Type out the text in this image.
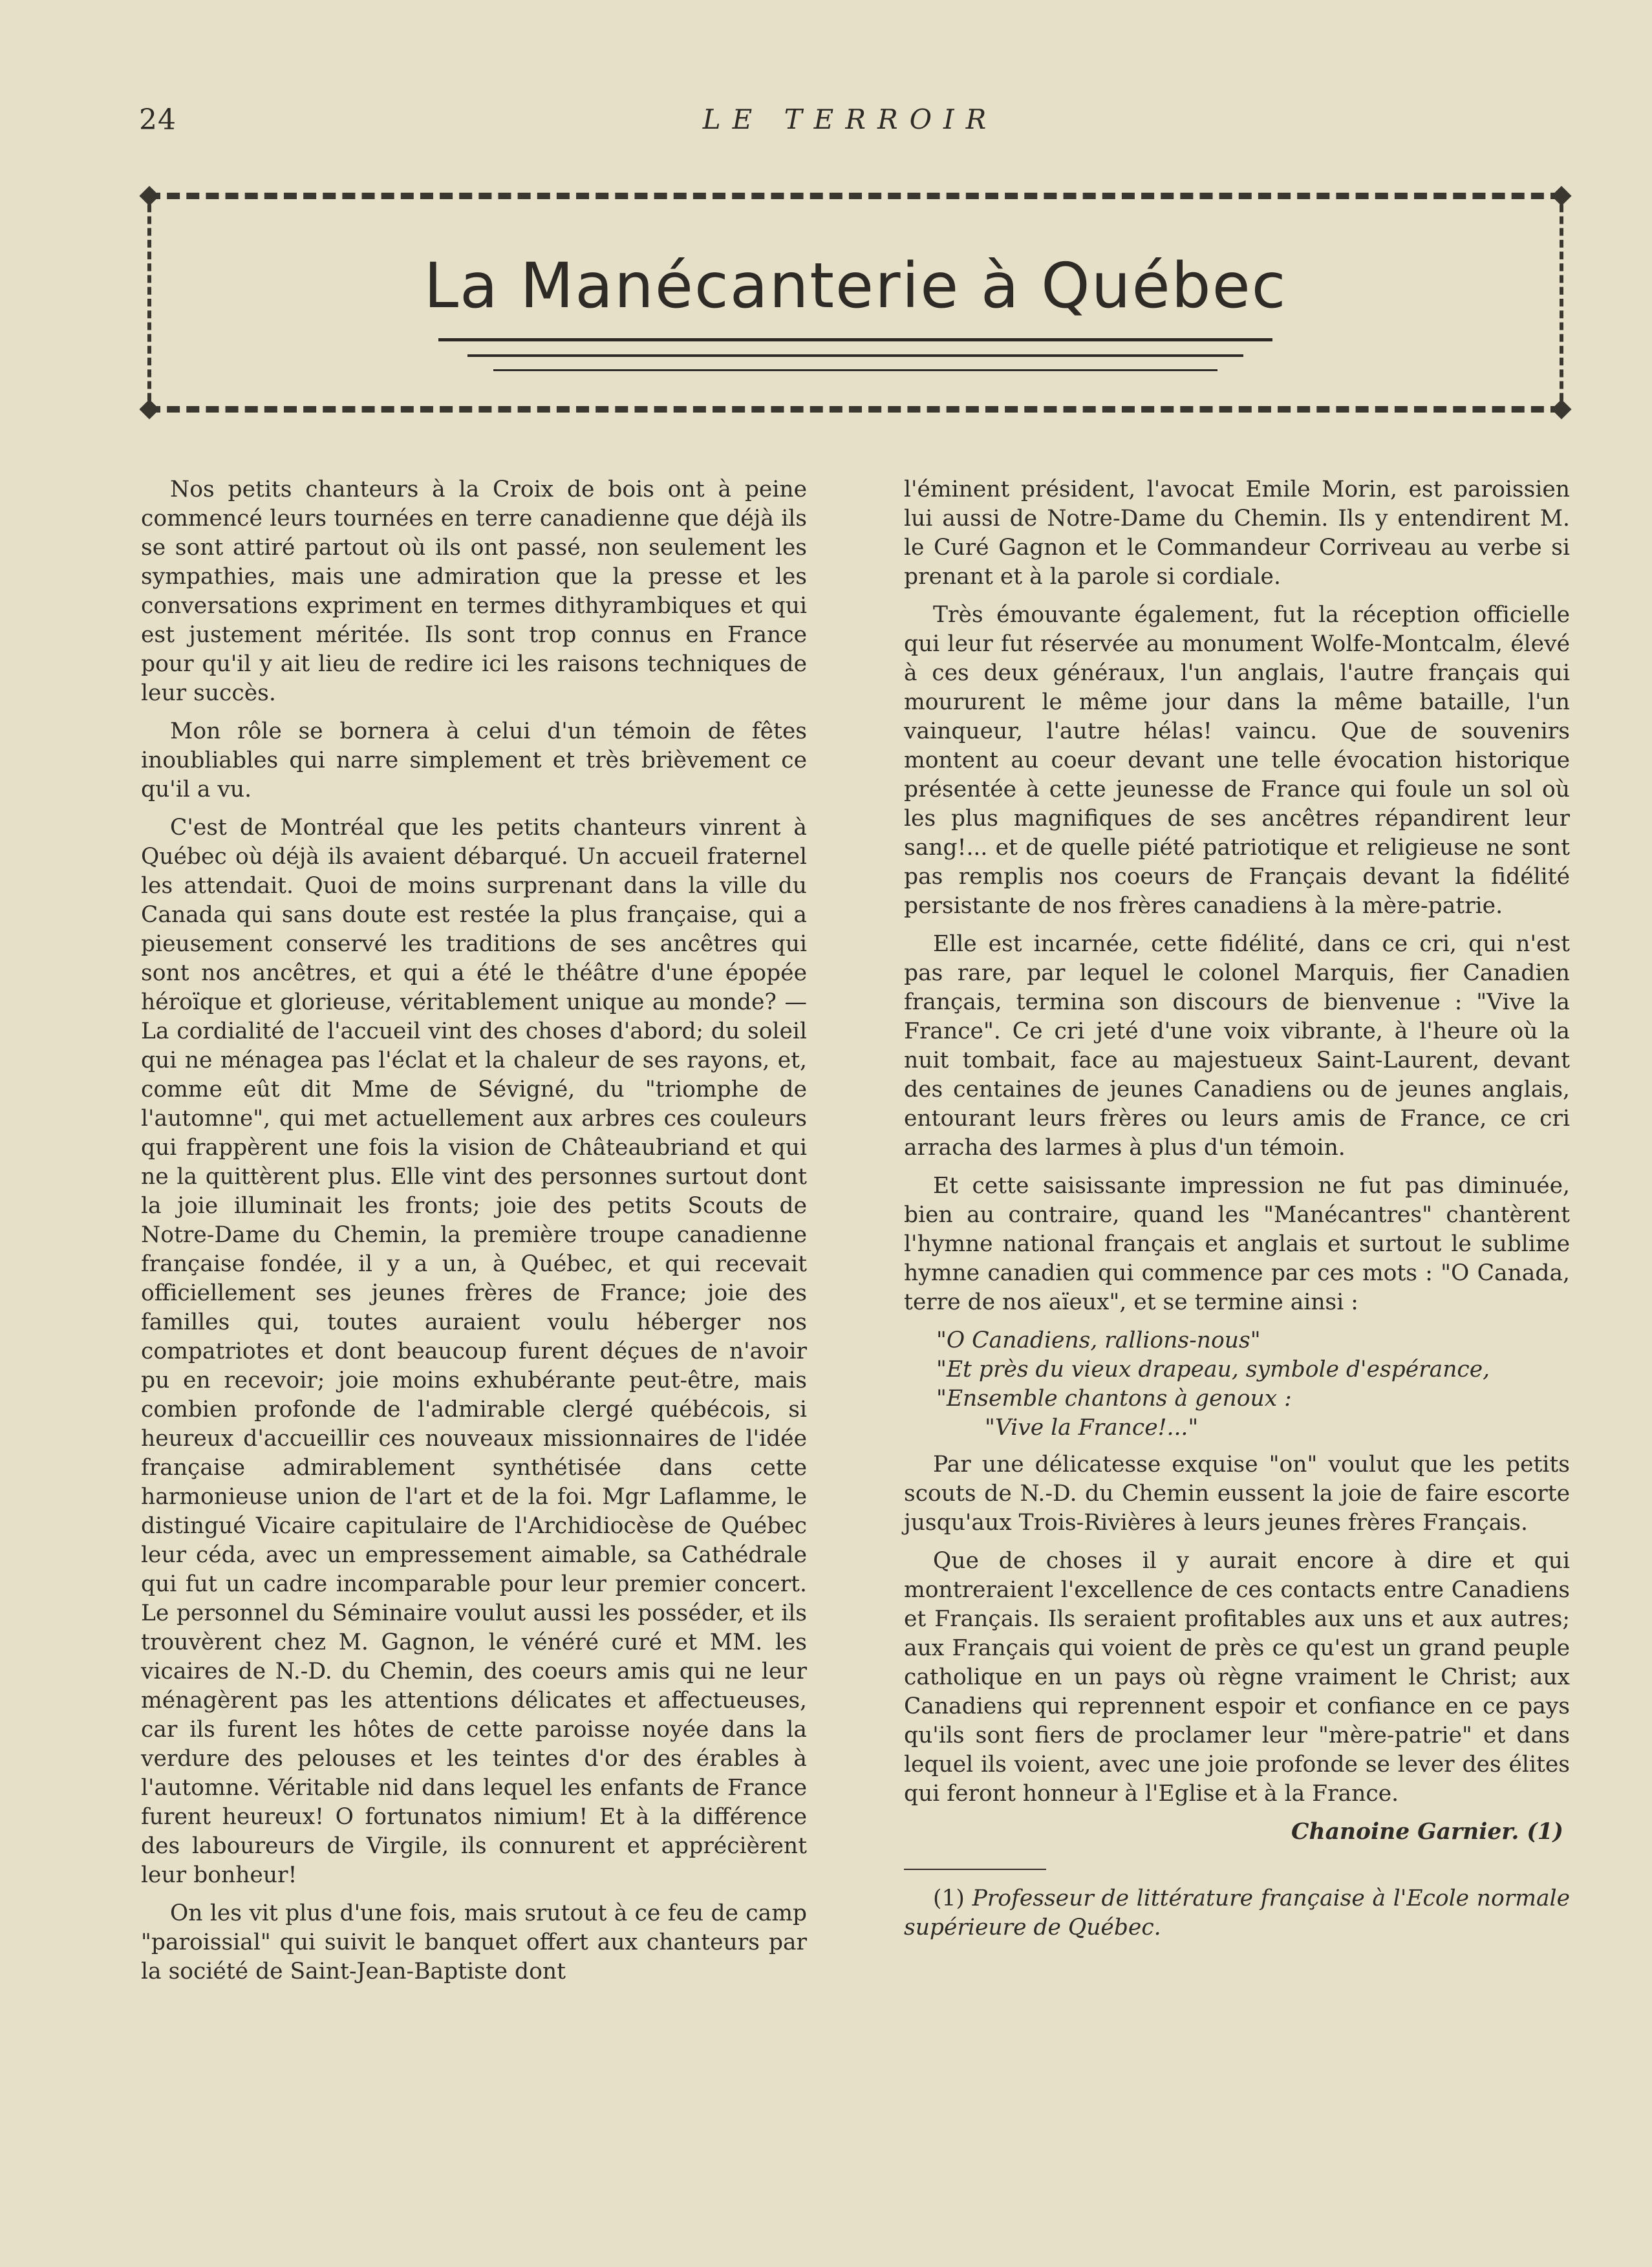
24	LE TERROIR
La Manécanterie à Québec

Nos petits chanteurs à la Croix de bois ont à peine commencé leurs tournées en terre canadienne que déjà ils se sont attiré partout où ils ont passé, non seulement les sympathies, mais une admiration que la presse et les conversations expriment en termes dithyrambiques et qui est justement méritée. Ils sont trop connus en France pour qu'il y ait lieu de redire ici les raisons techniques de leur succès.

Mon rôle se bornera à celui d'un témoin de fêtes inoubliables qui narre simplement et très brièvement ce qu'il a vu.

C'est de Montréal que les petits chanteurs vinrent à Québec où déjà ils avaient débarqué. Un accueil fraternel les attendait. Quoi de moins surprenant dans la ville du Canada qui sans doute est restée la plus française, qui a pieusement conservé les traditions de ses ancêtres qui sont nos ancêtres, et qui a été le théâtre d'une épopée héroïque et glorieuse, véritablement unique au monde? — La cordialité de l'accueil vint des choses d'abord; du soleil qui ne ménagea pas l'éclat et la chaleur de ses rayons, et, comme eût dit Mme de Sévigné, du "triomphe de l'automne", qui met actuellement aux arbres ces couleurs qui frappèrent une fois la vision de Châteaubriand et qui ne la quittèrent plus. Elle vint des personnes surtout dont la joie illuminait les fronts; joie des petits Scouts de Notre-Dame du Chemin, la première troupe canadienne française fondée, il y a un, à Québec, et qui recevait officiellement ses jeunes frères de France; joie des familles qui, toutes auraient voulu héberger nos compatriotes et dont beaucoup furent déçues de n'avoir pu en recevoir; joie moins exhubérante peut-être, mais combien profonde de l'admirable clergé québécois, si heureux d'accueillir ces nouveaux missionnaires de l'idée française admirablement synthétisée dans cette harmonieuse union de l'art et de la foi. Mgr Laflamme, le distingué Vicaire capitulaire de l'Archidiocèse de Québec leur céda, avec un empressement aimable, sa Cathédrale qui fut un cadre incomparable pour leur premier concert. Le personnel du Séminaire voulut aussi les posséder, et ils trouvèrent chez M. Gagnon, le vénéré curé et MM. les vicaires de N.-D. du Chemin, des coeurs amis qui ne leur ménagèrent pas les attentions délicates et affectueuses, car ils furent les hôtes de cette paroisse noyée dans la verdure des pelouses et les teintes d'or des érables à l'automne. Véritable nid dans lequel les enfants de France furent heureux! O fortunatos nimium! Et à la différence des laboureurs de Virgile, ils connurent et apprécièrent leur bonheur!

On les vit plus d'une fois, mais srutout à ce feu de camp "paroissial" qui suivit le banquet offert aux chanteurs par la société de Saint-Jean-Baptiste dont

l'éminent président, l'avocat Emile Morin, est paroissien lui aussi de Notre-Dame du Chemin. Ils y entendirent M. le Curé Gagnon et le Commandeur Corriveau au verbe si prenant et à la parole si cordiale.

Très émouvante également, fut la réception officielle qui leur fut réservée au monument Wolfe-Montcalm, élevé à ces deux généraux, l'un anglais, l'autre français qui moururent le même jour dans la même bataille, l'un vainqueur, l'autre hélas! vaincu. Que de souvenirs montent au coeur devant une telle évocation historique présentée à cette jeunesse de France qui foule un sol où les plus magnifiques de ses ancêtres répandirent leur sang!... et de quelle piété patriotique et religieuse ne sont pas remplis nos coeurs de Français devant la fidélité persistante de nos frères canadiens à la mère-patrie.

Elle est incarnée, cette fidélité, dans ce cri, qui n'est pas rare, par lequel le colonel Marquis, fier Canadien français, termina son discours de bienvenue : "Vive la France". Ce cri jeté d'une voix vibrante, à l'heure où la nuit tombait, face au majestueux Saint-Laurent, devant des centaines de jeunes Canadiens ou de jeunes anglais, entourant leurs frères ou leurs amis de France, ce cri arracha des larmes à plus d'un témoin.

Et cette saisissante impression ne fut pas diminuée, bien au contraire, quand les "Manécantres" chantèrent l'hymne national français et anglais et surtout le sublime hymne canadien qui commence par ces mots : "O Canada, terre de nos aïeux", et se termine ainsi :

"O Canadiens, rallions-nous"
"Et près du vieux drapeau, symbole d'espérance,
"Ensemble chantons à genoux :
"Vive la France!..."

Par une délicatesse exquise "on" voulut que les petits scouts de N.-D. du Chemin eussent la joie de faire escorte jusqu'aux Trois-Rivières à leurs jeunes frères Français.

Que de choses il y aurait encore à dire et qui montreraient l'excellence de ces contacts entre Canadiens et Français. Ils seraient profitables aux uns et aux autres; aux Français qui voient de près ce qu'est un grand peuple catholique en un pays où règne vraiment le Christ; aux Canadiens qui reprennent espoir et confiance en ce pays qu'ils sont fiers de proclamer leur "mère-patrie" et dans lequel ils voient, avec une joie profonde se lever des élites qui feront honneur à l'Eglise et à la France.

Chanoine Garnier. (1)

(1) Professeur de littérature française à l'Ecole normale supérieure de Québec.
